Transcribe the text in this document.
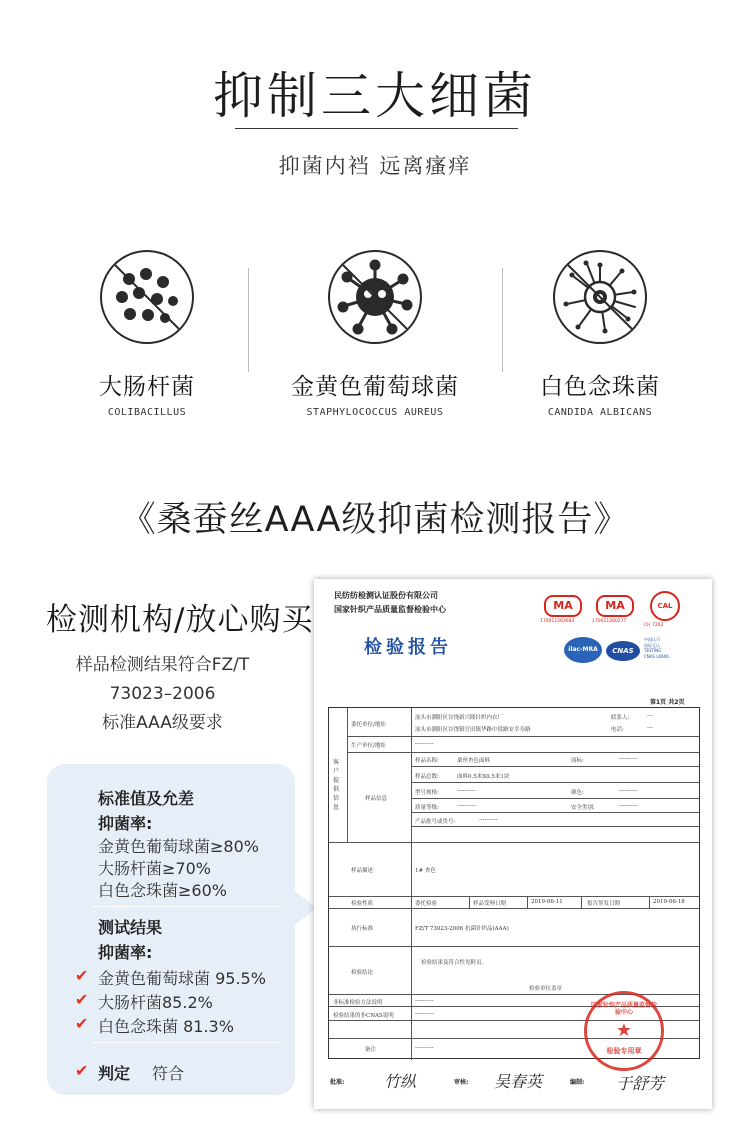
抑制三大细菌
抑菌内裆 远离瘙痒
大肠杆菌
COLIBACILLUS
金黄色葡萄球菌
STAPHYLOCOCCUS AUREUS
白色念珠菌
CANDIDA ALBICANS
《桑蚕丝AAA级抑菌检测报告》
检测机构/放心购买
样品检测结果符合FZ/T
73023–2006
标准AAA级要求
标准值及允差
抑菌率:
金黄色葡萄球菌≥80%
大肠杆菌≥70%
白色念珠菌≥60%
测试结果
抑菌率:
✔ 金黄色葡萄球菌 95.5%
✔ 大肠杆菌85.2%
✔ 白色念珠菌 81.3%
✔ 判定 符合
民纺纺检测认证股份有限公司
国家针织产品质量监督检验中心
检验报告
MA
170011263683
MA
170011260277
CAL
CH 7202
ilac-MRA	CNAS
中国认可
国际互认
TESTING
CNAS L0606
第1页 共2页
客户提供信息
委托单位/地址
汕头市潮阳区谷饶新兴隆针织内衣厂
汕头市潮阳区谷饶镇官田镇华路中段路安幸寿路
联系人:	---
电话:	---
生产单位/地址	----------
样品信息
样品名称:	桑丝杏色面料	商标:	----------
样品总数:	面料0.5米X0.5米1块
型号规格:	----------	颜色:	----------
质量等级:	----------	安全类别:	----------
产品批号或货号:	----------
样品描述	1# 杏色
检验性质	委托检验	样品受理日期	2019-06-11	报告签发日期	2019-06-18
执行标准	FZ/T 73023-2006 抗菌针织品(AAA)
检验结论
检验结果及符合性见附页。
检验单位盖章
非标准检验方法说明	----------
检验结果的非CNAS说明	----------
备注	----------
国家针织产品质量监督检验中心
★
检验专用章
批准: 竹纵	审核: 吴春英	编制: 于舒芳
